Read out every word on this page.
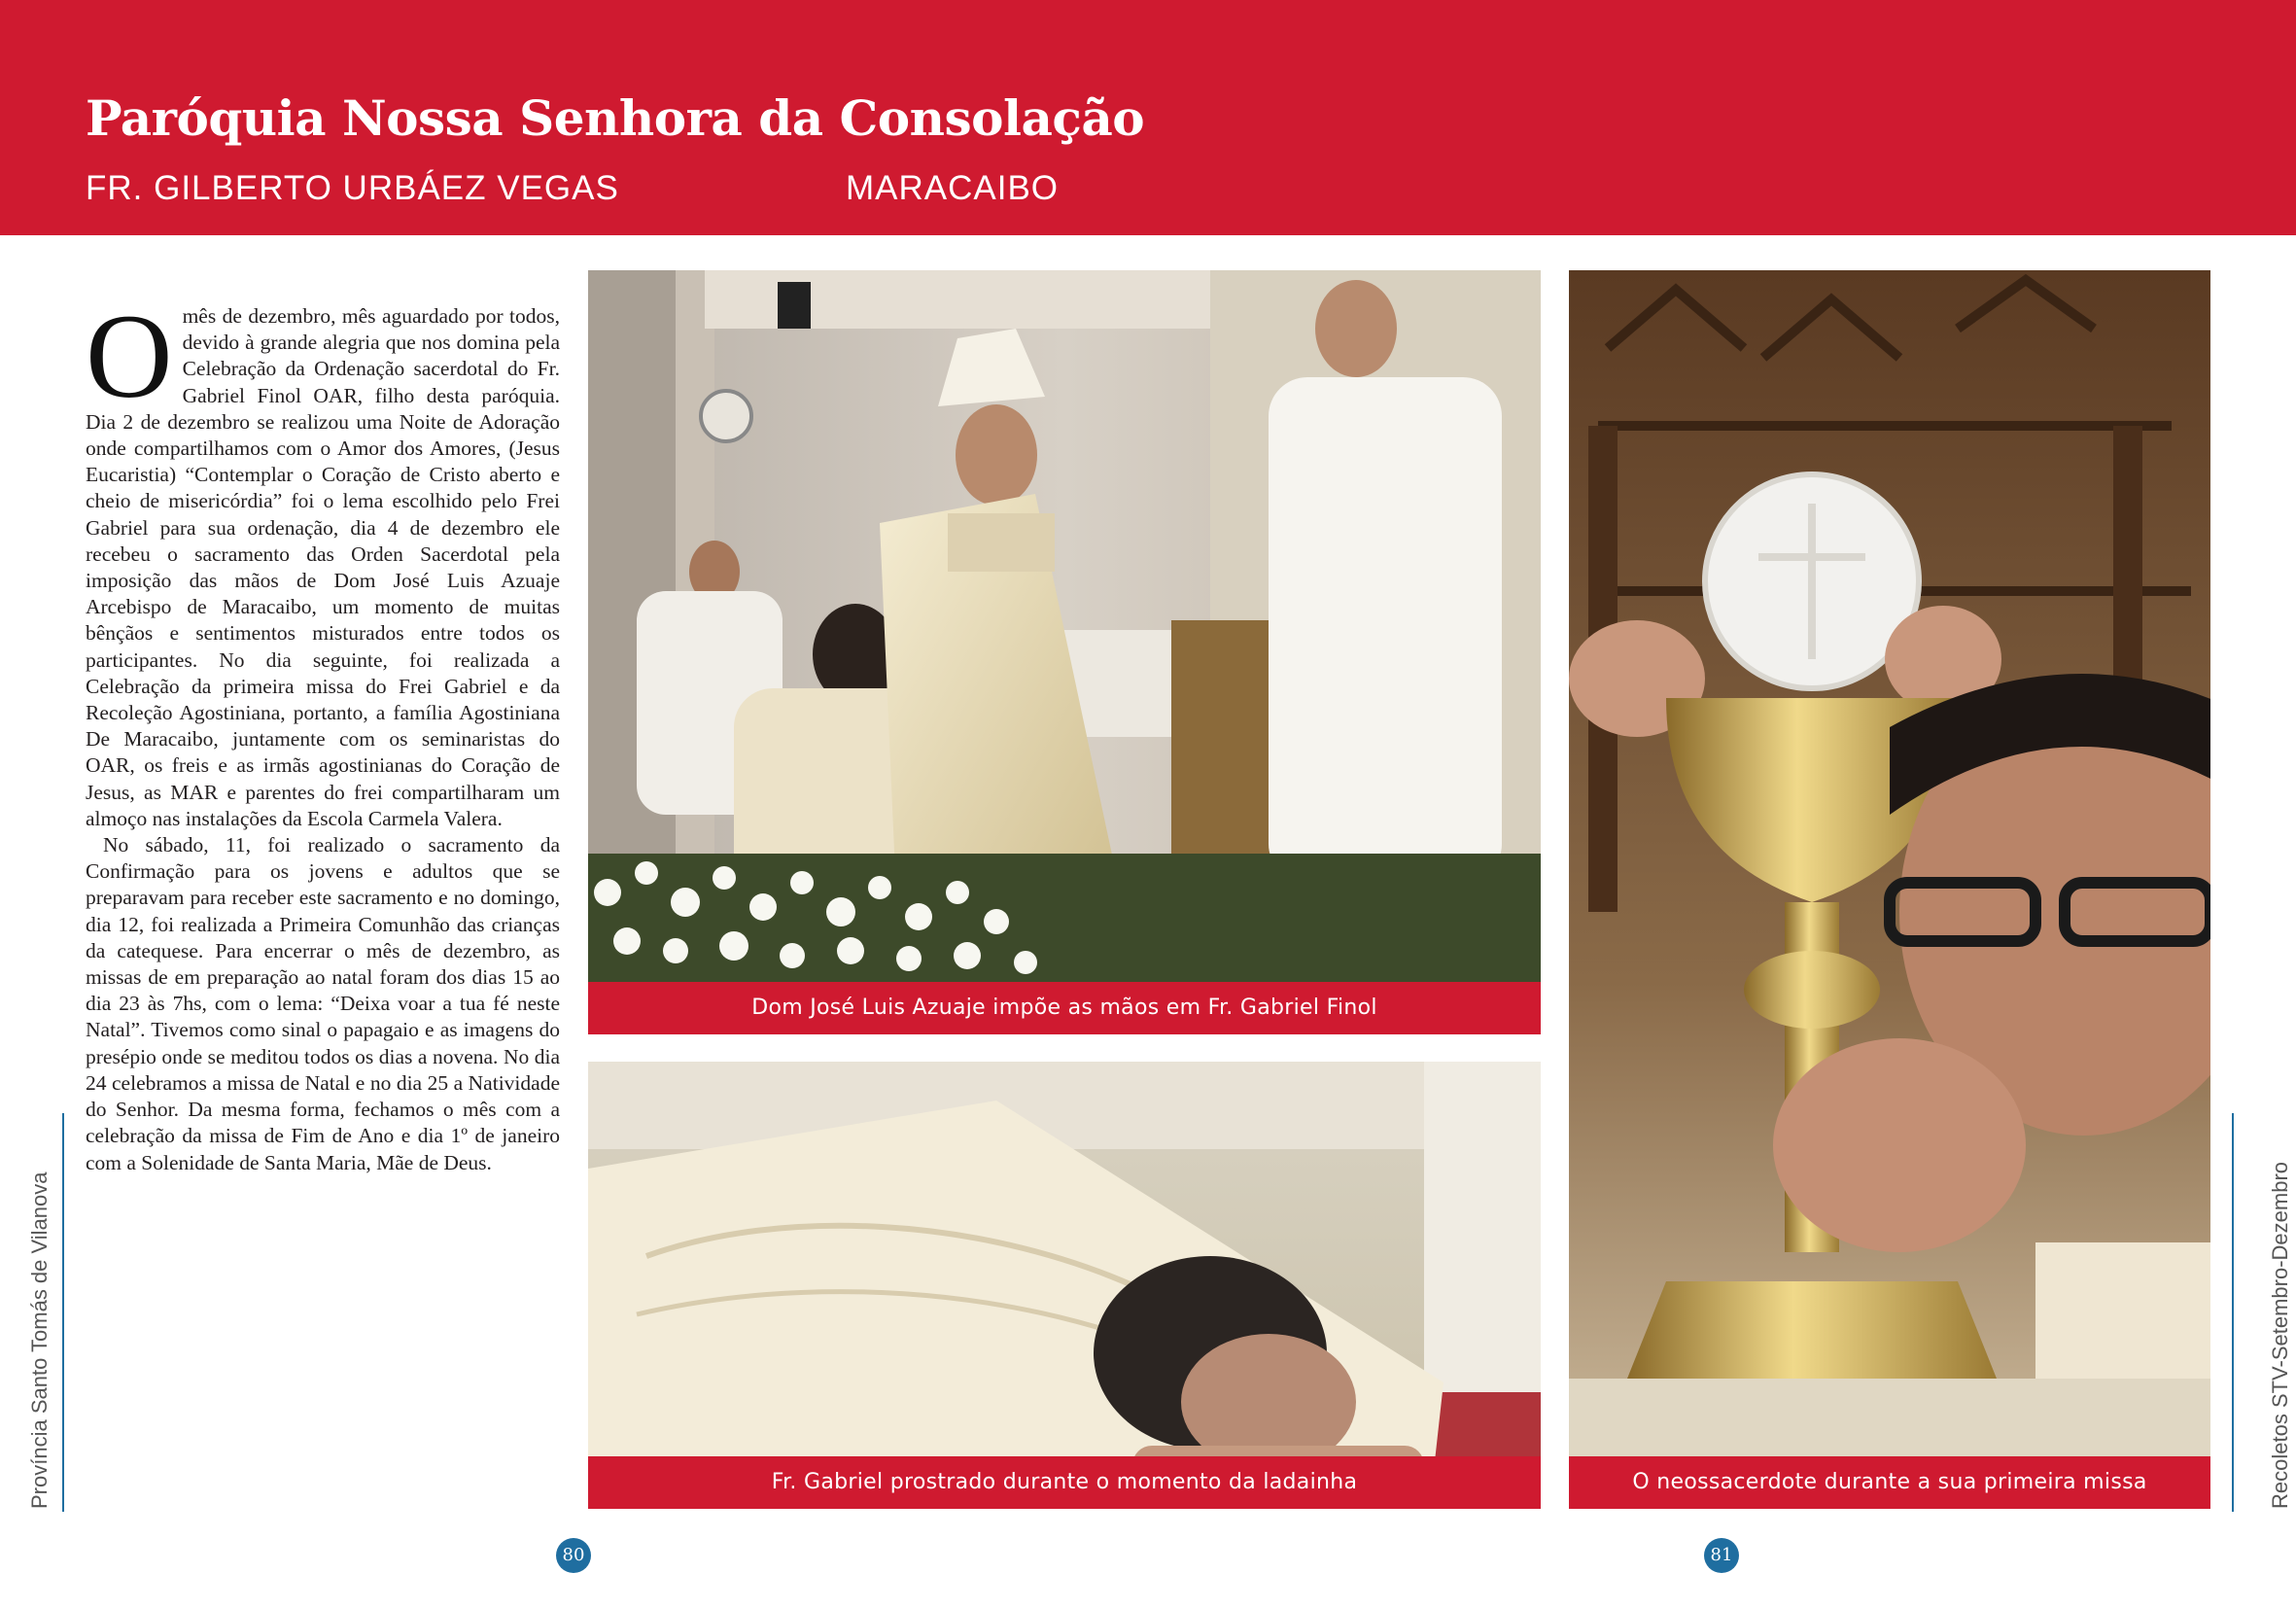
Paróquia Nossa Senhora da Consolação
FR. GILBERTO URBÁEZ VEGAS	MARACAIBO

Omês de dezembro, mês aguardado por todos, devido à grande alegria que nos domina pela Celebração da Ordenação sacerdotal do Fr. Gabriel Finol OAR, filho desta paróquia. Dia 2 de dezembro se realizou uma Noite de Adoração onde compartilhamos com o Amor dos Amores, (Jesus Eucaristia) “Contemplar o Coração de Cristo aberto e cheio de misericórdia” foi o lema escolhido pelo Frei Gabriel para sua ordenação, dia 4 de dezembro ele recebeu o sacramento das Orden Sacerdotal pela imposição das mãos de Dom José Luis Azuaje Arcebispo de Maracaibo, um momento de muitas bênçãos e sentimentos misturados entre todos os participantes. No dia seguinte, foi realizada a Celebração da primeira missa do Frei Gabriel e da Recoleção Agostiniana, portanto, a família Agostiniana De Maracaibo, juntamente com os seminaristas do OAR, os freis e as irmãs agostinianas do Coração de Jesus, as MAR e parentes do frei compartilharam um almoço nas instalações da Escola Carmela Valera.

No sábado, 11, foi realizado o sacramento da Confirmação para os jovens e adultos que se preparavam para receber este sacramento e no domingo, dia 12, foi realizada a Primeira Comunhão das crianças da catequese. Para encerrar o mês de dezembro, as missas de em preparação ao natal foram dos dias 15 ao dia 23 às 7hs, com o lema: “Deixa voar a tua fé neste Natal”. Tivemos como sinal o papagaio e as imagens do presépio onde se meditou todos os dias a novena. No dia 24 celebramos a missa de Natal e no dia 25 a Natividade do Senhor. Da mesma forma, fechamos o mês com a celebração da missa de Fim de Ano e dia 1º de janeiro com a Solenidade de Santa Maria, Mãe de Deus.

Dom José Luis Azuaje impõe as mãos em Fr. Gabriel Finol
Fr. Gabriel prostrado durante o momento da ladainha	O neossacerdote durante a sua primeira missa
80	81
Província Santo Tomás de Vilanova	Recoletos STV-Setembro-Dezembro
